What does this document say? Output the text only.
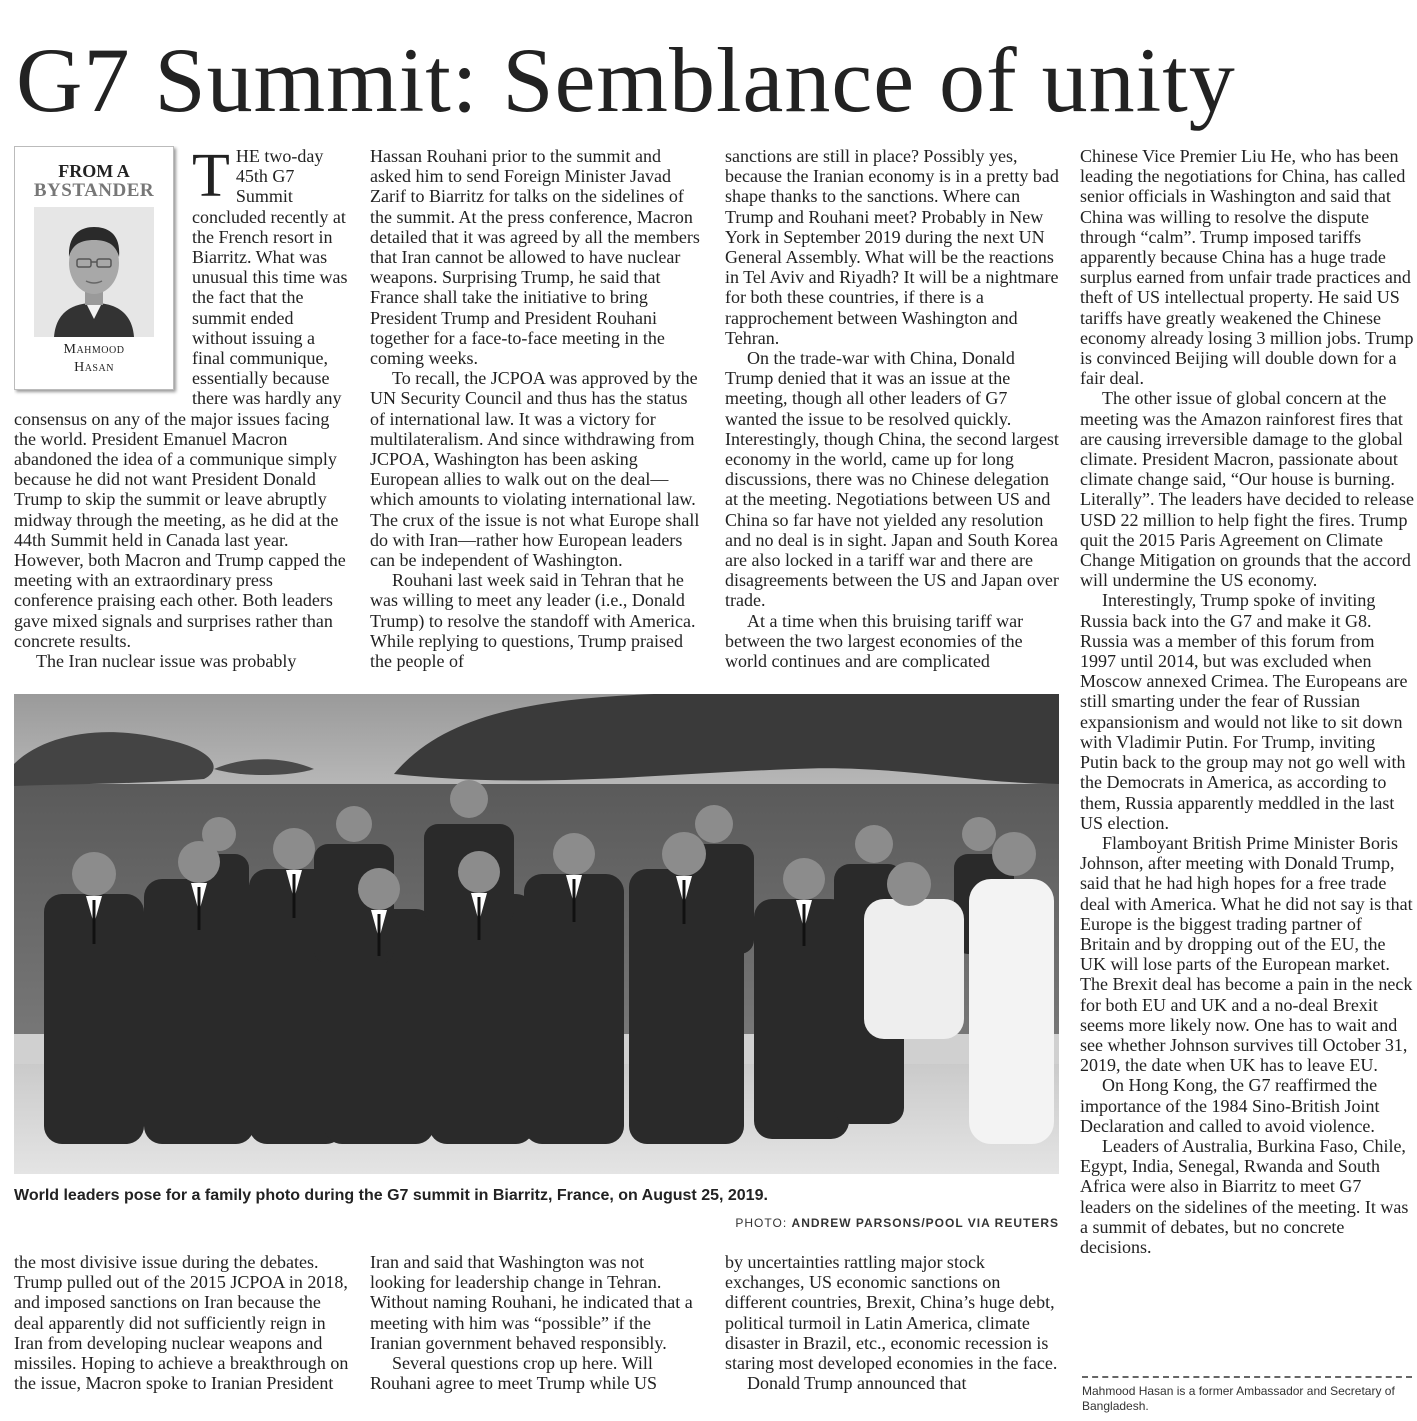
G7 Summit: Semblance of unity
FROM A
BYSTANDER
Mahmood
Hasan

THE two-day 45th G7 Summit concluded recently at the French resort in Biarritz. What was unusual this time was the fact that the summit ended without issuing a final communique, essentially because there was hardly any consensus on any of the major issues facing the world. President Emanuel Macron abandoned the idea of a communique simply because he did not want President Donald Trump to skip the summit or leave abruptly midway through the meeting, as he did at the 44th Summit held in Canada last year. However, both Macron and Trump capped the meeting with an extraordinary press conference praising each other. Both leaders gave mixed signals and surprises rather than concrete results.

The Iran nuclear issue was probably

Hassan Rouhani prior to the summit and asked him to send Foreign Minister Javad Zarif to Biarritz for talks on the sidelines of the summit. At the press conference, Macron detailed that it was agreed by all the members that Iran cannot be allowed to have nuclear weapons. Surprising Trump, he said that France shall take the initiative to bring President Trump and President Rouhani together for a face-to-face meeting in the coming weeks.

To recall, the JCPOA was approved by the UN Security Council and thus has the status of international law. It was a victory for multilateralism. And since withdrawing from JCPOA, Washington has been asking European allies to walk out on the deal—which amounts to violating international law. The crux of the issue is not what Europe shall do with Iran—rather how European leaders can be independent of Washington.

Rouhani last week said in Tehran that he was willing to meet any leader (i.e., Donald Trump) to resolve the standoff with America. While replying to questions, Trump praised the people of

sanctions are still in place? Possibly yes, because the Iranian economy is in a pretty bad shape thanks to the sanctions. Where can Trump and Rouhani meet? Probably in New York in September 2019 during the next UN General Assembly. What will be the reactions in Tel Aviv and Riyadh? It will be a nightmare for both these countries, if there is a rapprochement between Washington and Tehran.

On the trade-war with China, Donald Trump denied that it was an issue at the meeting, though all other leaders of G7 wanted the issue to be resolved quickly. Interestingly, though China, the second largest economy in the world, came up for long discussions, there was no Chinese delegation at the meeting. Negotiations between US and China so far have not yielded any resolution and no deal is in sight. Japan and South Korea are also locked in a tariff war and there are disagreements between the US and Japan over trade.

At a time when this bruising tariff war between the two largest economies of the world continues and are complicated

Chinese Vice Premier Liu He, who has been leading the negotiations for China, has called senior officials in Washington and said that China was willing to resolve the dispute through “calm”. Trump imposed tariffs apparently because China has a huge trade surplus earned from unfair trade practices and theft of US intellectual property. He said US tariffs have greatly weakened the Chinese economy already losing 3 million jobs. Trump is convinced Beijing will double down for a fair deal.

The other issue of global concern at the meeting was the Amazon rainforest fires that are causing irreversible damage to the global climate. President Macron, passionate about climate change said, “Our house is burning. Literally”. The leaders have decided to release USD 22 million to help fight the fires. Trump quit the 2015 Paris Agreement on Climate Change Mitigation on grounds that the accord will undermine the US economy.

Interestingly, Trump spoke of inviting Russia back into the G7 and make it G8. Russia was a member of this forum from 1997 until 2014, but was excluded when Moscow annexed Crimea. The Europeans are still smarting under the fear of Russian expansionism and would not like to sit down with Vladimir Putin. For Trump, inviting Putin back to the group may not go well with the Democrats in America, as according to them, Russia apparently meddled in the last US election.

Flamboyant British Prime Minister Boris Johnson, after meeting with Donald Trump, said that he had high hopes for a free trade deal with America. What he did not say is that Europe is the biggest trading partner of Britain and by dropping out of the EU, the UK will lose parts of the European market. The Brexit deal has become a pain in the neck for both EU and UK and a no-deal Brexit seems more likely now. One has to wait and see whether Johnson survives till October 31, 2019, the date when UK has to leave EU.

On Hong Kong, the G7 reaffirmed the importance of the 1984 Sino-British Joint Declaration and called to avoid violence.

Leaders of Australia, Burkina Faso, Chile, Egypt, India, Senegal, Rwanda and South Africa were also in Biarritz to meet G7 leaders on the sidelines of the meeting. It was a summit of debates, but no concrete decisions.

World leaders pose for a family photo during the G7 summit in Biarritz, France, on August 25, 2019.
PHOTO: ANDREW PARSONS/POOL VIA REUTERS

the most divisive issue during the debates. Trump pulled out of the 2015 JCPOA in 2018, and imposed sanctions on Iran because the deal apparently did not sufficiently reign in Iran from developing nuclear weapons and missiles. Hoping to achieve a breakthrough on the issue, Macron spoke to Iranian President

Iran and said that Washington was not looking for leadership change in Tehran. Without naming Rouhani, he indicated that a meeting with him was “possible” if the Iranian government behaved responsibly.

Several questions crop up here. Will Rouhani agree to meet Trump while US

by uncertainties rattling major stock exchanges, US economic sanctions on different countries, Brexit, China’s huge debt, political turmoil in Latin America, climate disaster in Brazil, etc., economic recession is staring most developed economies in the face.

Donald Trump announced that	Mahmood Hasan is a former Ambassador and Secretary of Bangladesh.
